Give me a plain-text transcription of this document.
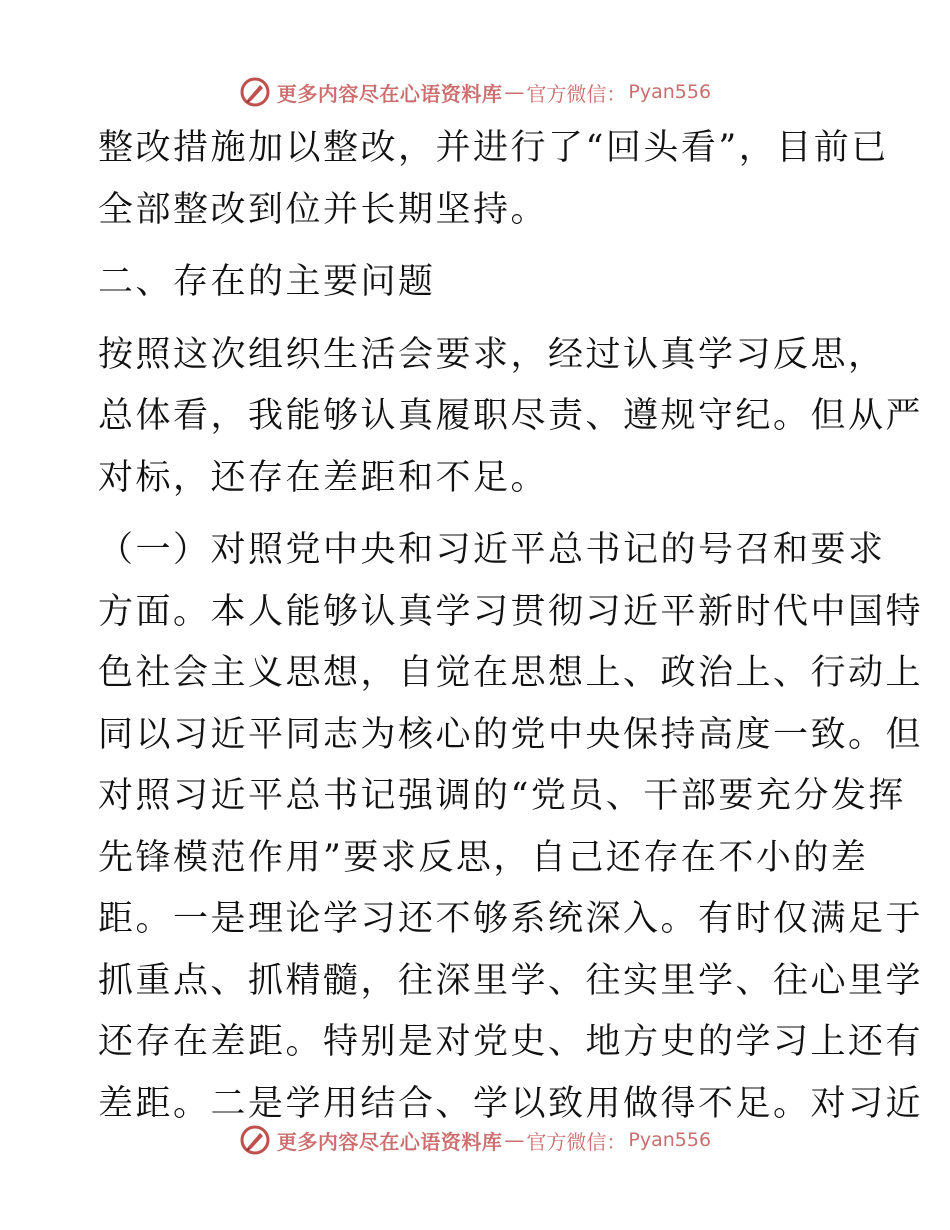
更多内容尽在心语资料库 — 官方微信： Pyan556
整改措施加以整改，并进行了“回头看”，目前已
全部整改到位并长期坚持。
二、存在的主要问题
按照这次组织生活会要求，经过认真学习反思，
总体看，我能够认真履职尽责、遵规守纪。但从严
对标，还存在差距和不足。
（一）对照党中央和习近平总书记的号召和要求
方面。本人能够认真学习贯彻习近平新时代中国特
色社会主义思想，自觉在思想上、政治上、行动上
同以习近平同志为核心的党中央保持高度一致。但
对照习近平总书记强调的“党员、干部要充分发挥
先锋模范作用”要求反思，自己还存在不小的差
距。一是理论学习还不够系统深入。有时仅满足于
抓重点、抓精髓，往深里学、往实里学、往心里学
还存在差距。特别是对党史、地方史的学习上还有
差距。二是学用结合、学以致用做得不足。对习近
更多内容尽在心语资料库 — 官方微信： Pyan556
